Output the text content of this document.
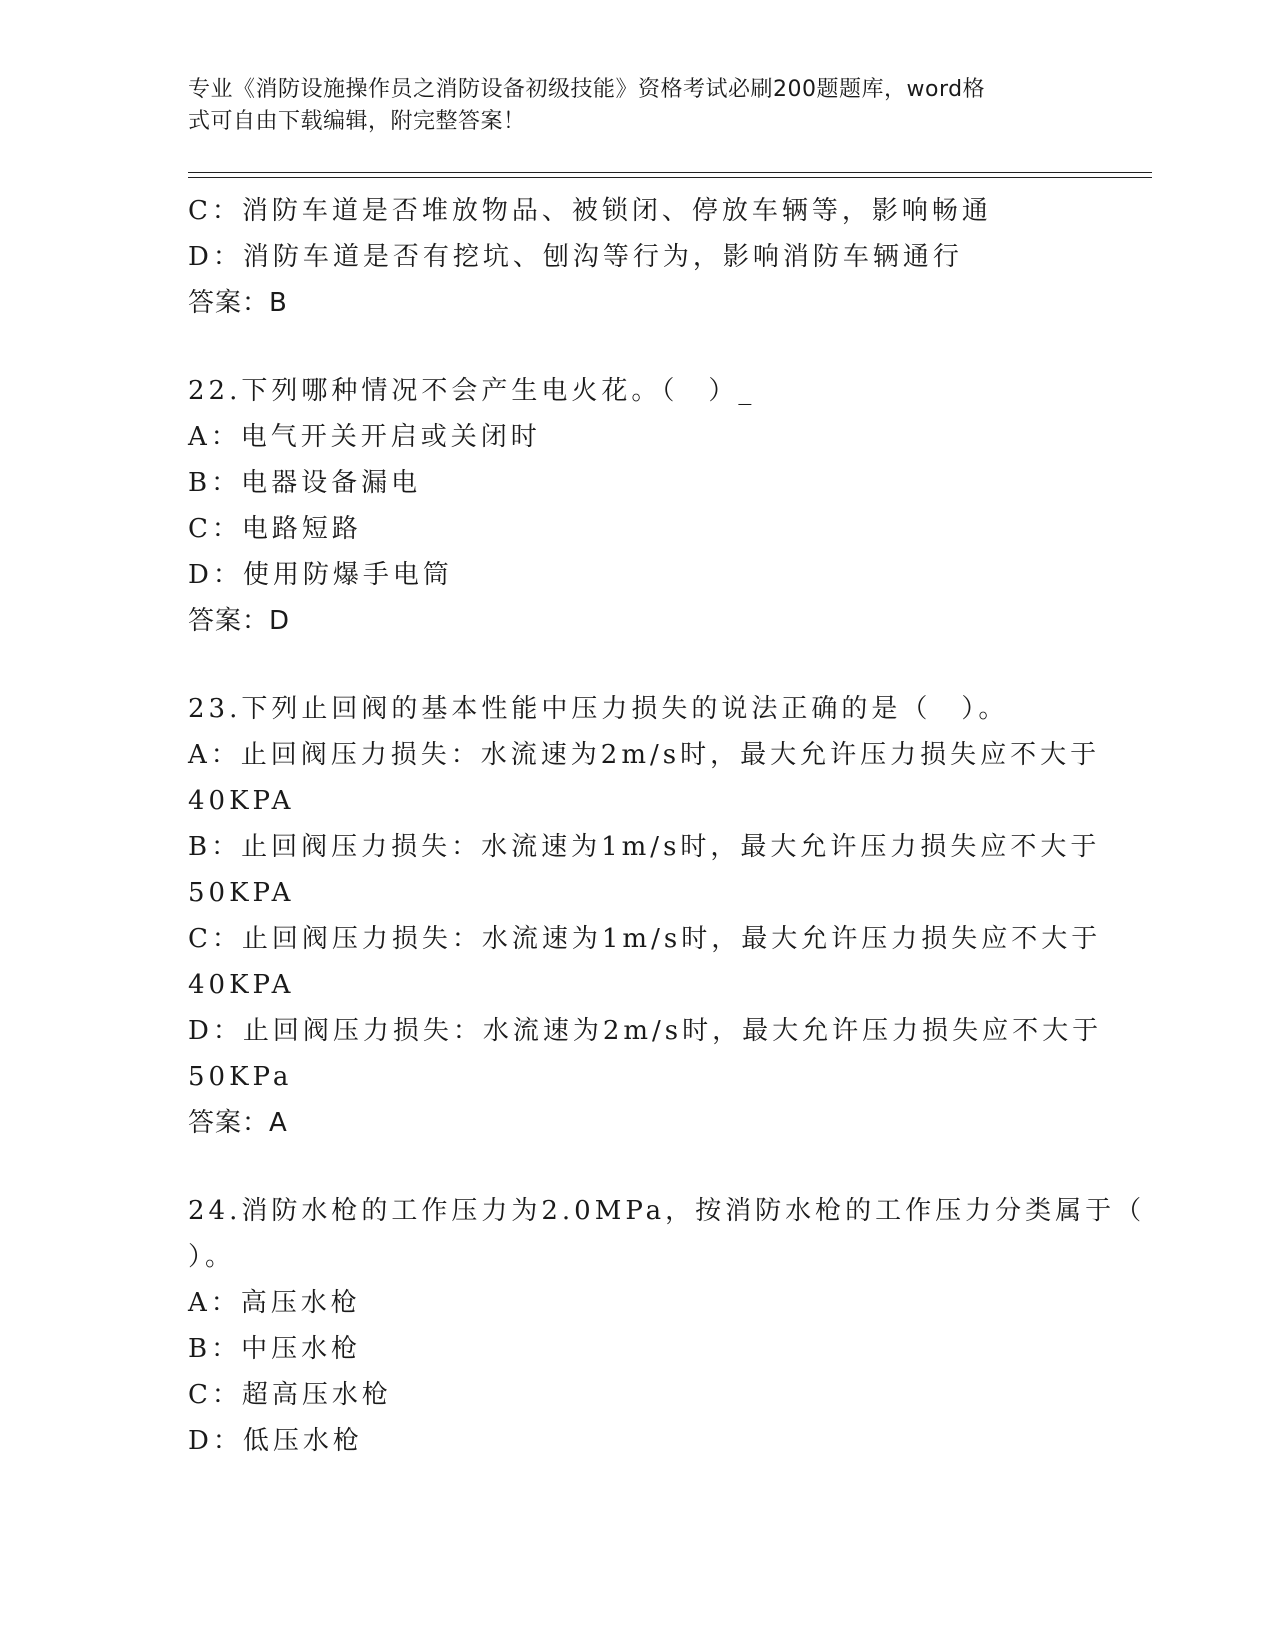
专业《消防设施操作员之消防设备初级技能》资格考试必刷200题题库，word格
式可自由下载编辑，附完整答案！
C：消防车道是否堆放物品、被锁闭、停放车辆等，影响畅通
D：消防车道是否有挖坑、刨沟等行为，影响消防车辆通行
答案：B
22.下列哪种情况不会产生电火花。（　）_
A：电气开关开启或关闭时
B：电器设备漏电
C：电路短路
D：使用防爆手电筒
答案：D
23.下列止回阀的基本性能中压力损失的说法正确的是（　）。
A：止回阀压力损失：水流速为2m/s时，最大允许压力损失应不大于
40KPA
B：止回阀压力损失：水流速为1m/s时，最大允许压力损失应不大于
50KPA
C：止回阀压力损失：水流速为1m/s时，最大允许压力损失应不大于
40KPA
D：止回阀压力损失：水流速为2m/s时，最大允许压力损失应不大于
50KPa
答案：A
24.消防水枪的工作压力为2.0MPa，按消防水枪的工作压力分类属于（
）。
A：高压水枪
B：中压水枪
C：超高压水枪
D：低压水枪
